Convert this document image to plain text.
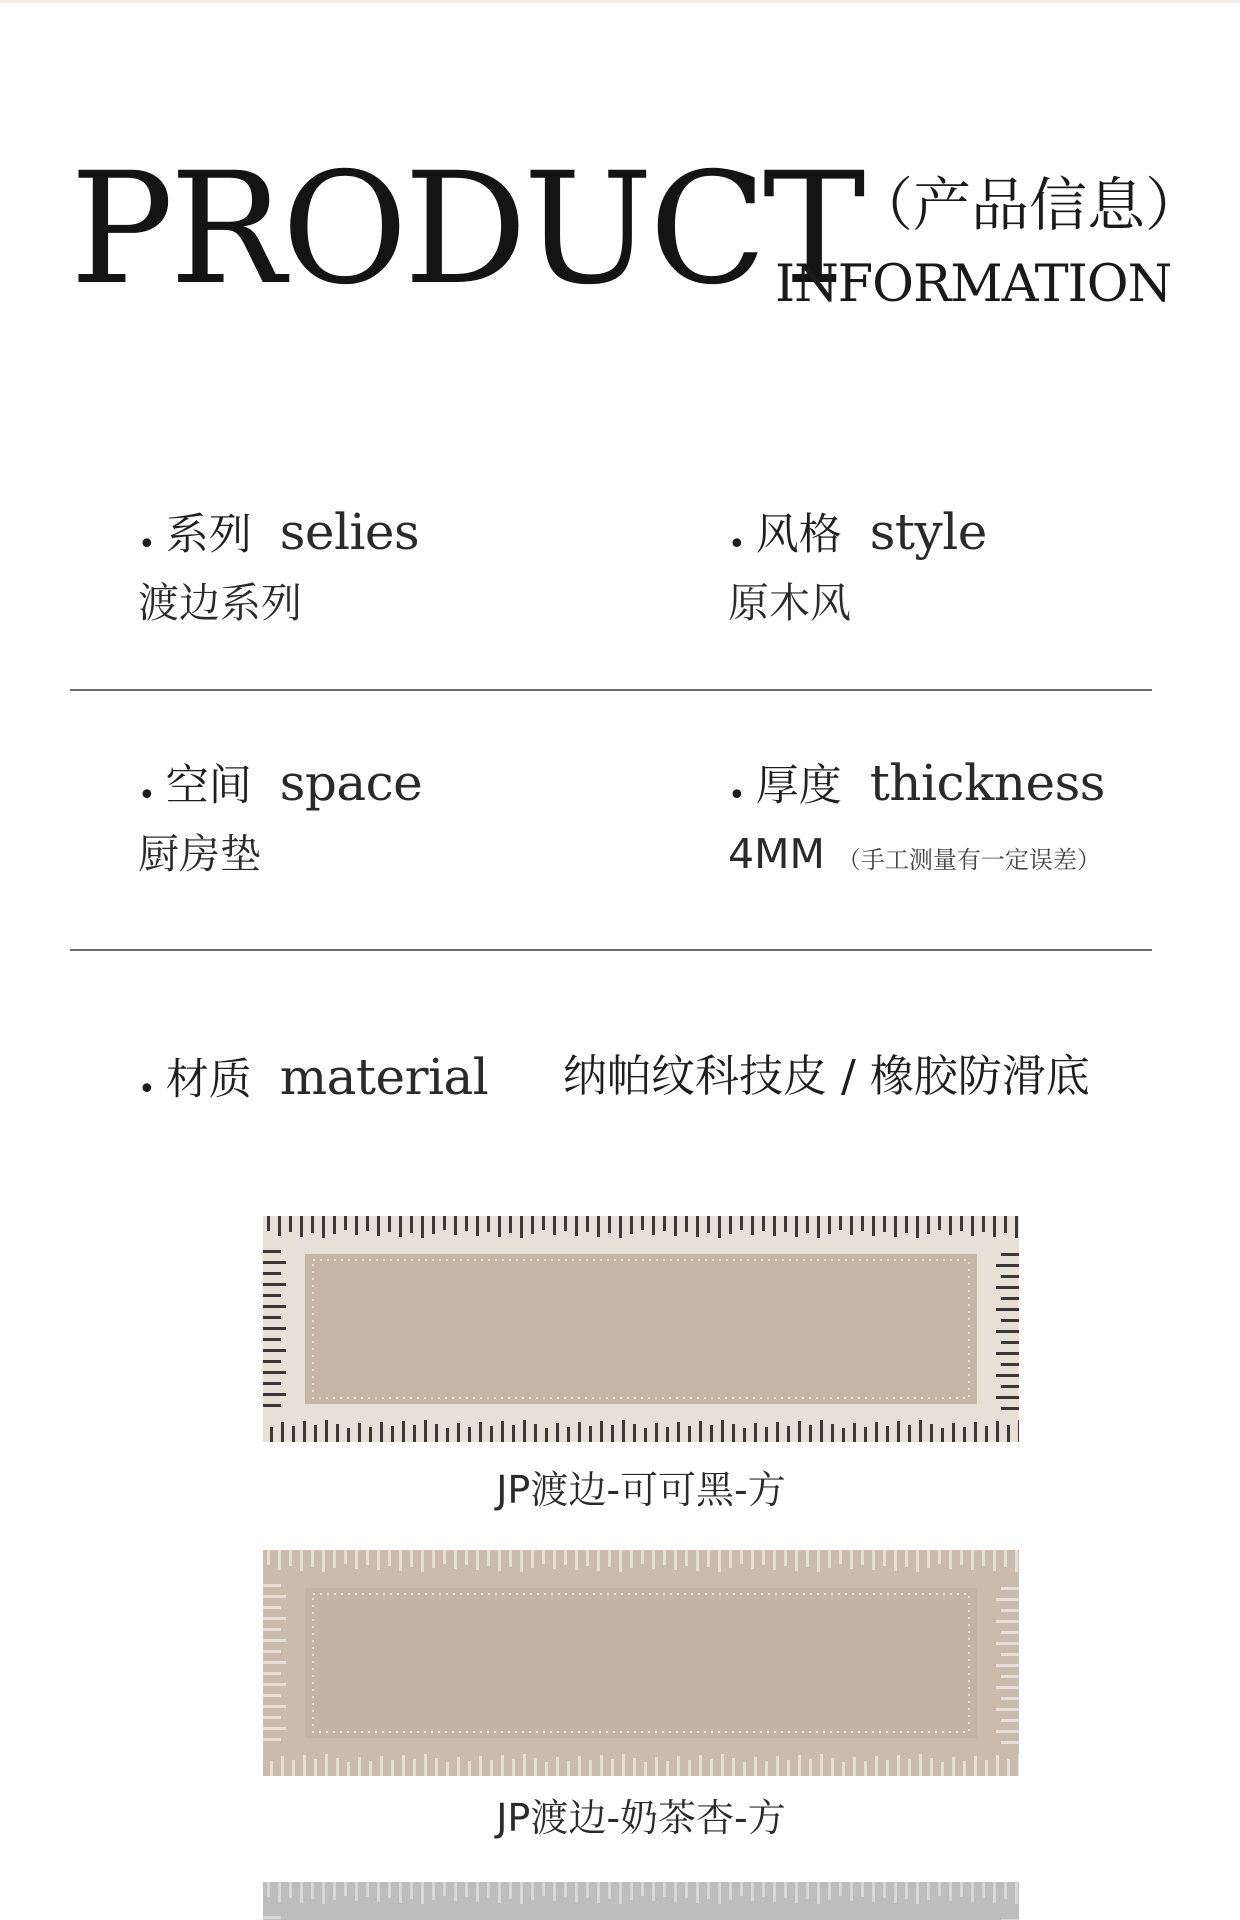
PRODUCT
（产品信息）
INFORMATION
• 系列 selies
渡边系列
• 风格 style
原木风
• 空间 space
厨房垫
• 厚度 thickness
4MM （手工测量有一定误差）
• 材质 material	纳帕纹科技皮 / 橡胶防滑底
JP渡边-可可黑-方
JP渡边-奶茶杏-方
